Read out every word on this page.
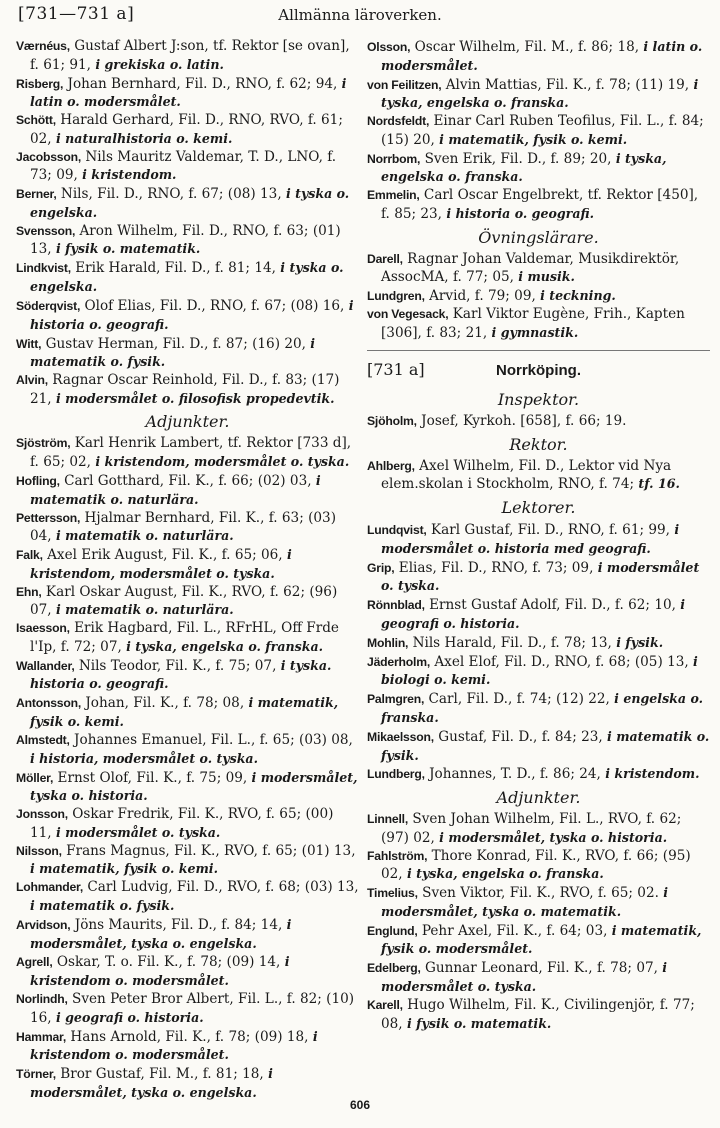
[731—731 a]	Allmänna läroverken.
Værnéus, Gustaf Albert J:son, tf. Rektor [se ovan], f. 61; 91, i grekiska o. latin.
Risberg, Johan Bernhard, Fil. D., RNO, f. 62; 94, i latin o. modersmålet.
Schött, Harald Gerhard, Fil. D., RNO, RVO, f. 61; 02, i naturalhistoria o. kemi.
Jacobsson, Nils Mauritz Valdemar, T. D., LNO, f. 73; 09, i kristendom.
Berner, Nils, Fil. D., RNO, f. 67; (08) 13, i tyska o. engelska.
Svensson, Aron Wilhelm, Fil. D., RNO, f. 63; (01) 13, i fysik o. matematik.
Lindkvist, Erik Harald, Fil. D., f. 81; 14, i tyska o. engelska.
Söderqvist, Olof Elias, Fil. D., RNO, f. 67; (08) 16, i historia o. geografi.
Witt, Gustav Herman, Fil. D., f. 87; (16) 20, i matematik o. fysik.
Alvin, Ragnar Oscar Reinhold, Fil. D., f. 83; (17) 21, i modersmålet o. filosofisk propedevtik.
Adjunkter.
Sjöström, Karl Henrik Lambert, tf. Rektor [733 d], f. 65; 02, i kristendom, modersmålet o. tyska.
Hofling, Carl Gotthard, Fil. K., f. 66; (02) 03, i matematik o. naturlära.
Pettersson, Hjalmar Bernhard, Fil. K., f. 63; (03) 04, i matematik o. naturlära.
Falk, Axel Erik August, Fil. K., f. 65; 06, i kristendom, modersmålet o. tyska.
Ehn, Karl Oskar August, Fil. K., RVO, f. 62; (96) 07, i matematik o. naturlära.
Isaesson, Erik Hagbard, Fil. L., RFrHL, Off Frde l'Ip, f. 72; 07, i tyska, engelska o. franska.
Wallander, Nils Teodor, Fil. K., f. 75; 07, i tyska. historia o. geografi.
Antonsson, Johan, Fil. K., f. 78; 08, i matematik, fysik o. kemi.
Almstedt, Johannes Emanuel, Fil. L., f. 65; (03) 08, i historia, modersmålet o. tyska.
Möller, Ernst Olof, Fil. K., f. 75; 09, i modersmålet, tyska o. historia.
Jonsson, Oskar Fredrik, Fil. K., RVO, f. 65; (00) 11, i modersmålet o. tyska.
Nilsson, Frans Magnus, Fil. K., RVO, f. 65; (01) 13, i matematik, fysik o. kemi.
Lohmander, Carl Ludvig, Fil. D., RVO, f. 68; (03) 13, i matematik o. fysik.
Arvidson, Jöns Maurits, Fil. D., f. 84; 14, i modersmålet, tyska o. engelska.
Agrell, Oskar, T. o. Fil. K., f. 78; (09) 14, i kristendom o. modersmålet.
Norlindh, Sven Peter Bror Albert, Fil. L., f. 82; (10) 16, i geografi o. historia.
Hammar, Hans Arnold, Fil. K., f. 78; (09) 18, i kristendom o. modersmålet.
Törner, Bror Gustaf, Fil. M., f. 81; 18, i modersmålet, tyska o. engelska.
Olsson, Oscar Wilhelm, Fil. M., f. 86; 18, i latin o. modersmålet.
von Feilitzen, Alvin Mattias, Fil. K., f. 78; (11) 19, i tyska, engelska o. franska.
Nordsfeldt, Einar Carl Ruben Teofilus, Fil. L., f. 84; (15) 20, i matematik, fysik o. kemi.
Norrbom, Sven Erik, Fil. D., f. 89; 20, i tyska, engelska o. franska.
Emmelin, Carl Oscar Engelbrekt, tf. Rektor [450], f. 85; 23, i historia o. geografi.
Övningslärare.
Darell, Ragnar Johan Valdemar, Musikdirektör, AssocMA, f. 77; 05, i musik.
Lundgren, Arvid, f. 79; 09, i teckning.
von Vegesack, Karl Viktor Eugène, Frih., Kapten [306], f. 83; 21, i gymnastik.
[731 a]	Norrköping.
Inspektor.
Sjöholm, Josef, Kyrkoh. [658], f. 66; 19.
Rektor.
Ahlberg, Axel Wilhelm, Fil. D., Lektor vid Nya elem.skolan i Stockholm, RNO, f. 74; tf. 16.
Lektorer.
Lundqvist, Karl Gustaf, Fil. D., RNO, f. 61; 99, i modersmålet o. historia med geografi.
Grip, Elias, Fil. D., RNO, f. 73; 09, i modersmålet o. tyska.
Rönnblad, Ernst Gustaf Adolf, Fil. D., f. 62; 10, i geografi o. historia.
Mohlin, Nils Harald, Fil. D., f. 78; 13, i fysik.
Jäderholm, Axel Elof, Fil. D., RNO, f. 68; (05) 13, i biologi o. kemi.
Palmgren, Carl, Fil. D., f. 74; (12) 22, i engelska o. franska.
Mikaelsson, Gustaf, Fil. D., f. 84; 23, i matematik o. fysik.
Lundberg, Johannes, T. D., f. 86; 24, i kristendom.
Adjunkter.
Linnell, Sven Johan Wilhelm, Fil. L., RVO, f. 62; (97) 02, i modersmålet, tyska o. historia.
Fahlström, Thore Konrad, Fil. K., RVO, f. 66; (95) 02, i tyska, engelska o. franska.
Timelius, Sven Viktor, Fil. K., RVO, f. 65; 02. i modersmålet, tyska o. matematik.
Englund, Pehr Axel, Fil. K., f. 64; 03, i matematik, fysik o. modersmålet.
Edelberg, Gunnar Leonard, Fil. K., f. 78; 07, i modersmålet o. tyska.
Karell, Hugo Wilhelm, Fil. K., Civilingenjör, f. 77; 08, i fysik o. matematik.
606
